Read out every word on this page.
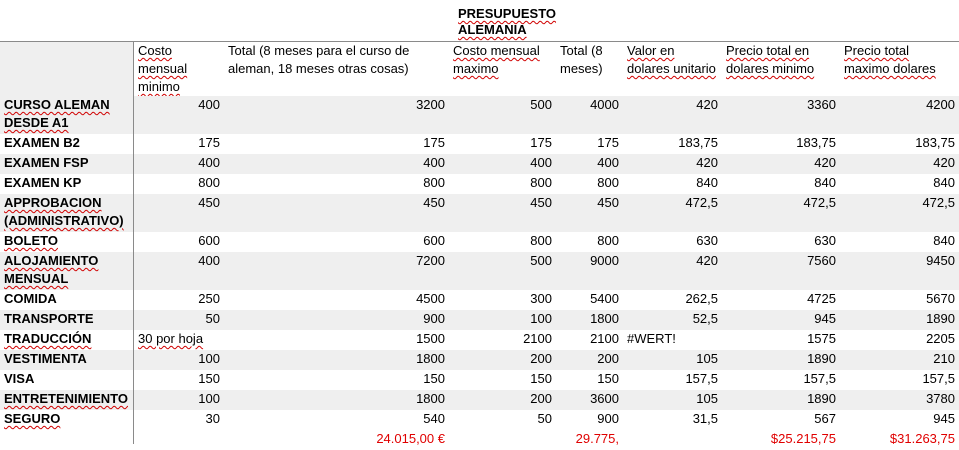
PRESUPUESTO ALEMANIA
	Costo mensual minimo	Total (8 meses para el curso de aleman, 18 meses otras cosas)	Costo mensual maximo	Total (8 meses)	Valor en dolares unitario	Precio total en dolares minimo	Precio total maximo dolares
CURSO ALEMAN DESDE A1	400	3200	500	4000	420	3360	4200
EXAMEN B2	175	175	175	175	183,75	183,75	183,75
EXAMEN FSP	400	400	400	400	420	420	420
EXAMEN KP	800	800	800	800	840	840	840
APPROBACION (ADMINISTRATIVO)	450	450	450	450	472,5	472,5	472,5
BOLETO	600	600	800	800	630	630	840
ALOJAMIENTO MENSUAL	400	7200	500	9000	420	7560	9450
COMIDA	250	4500	300	5400	262,5	4725	5670
TRANSPORTE	50	900	100	1800	52,5	945	1890
TRADUCCIÓN	30 por hoja	1500	2100	2100	#WERT!	1575	2205
VESTIMENTA	100	1800	200	200	105	1890	210
VISA	150	150	150	150	157,5	157,5	157,5
ENTRETENIMIENTO	100	1800	200	3600	105	1890	3780
SEGURO	30	540	50	900	31,5	567	945
		24.015,00 €		29.775,		$25.215,75	$31.263,75
